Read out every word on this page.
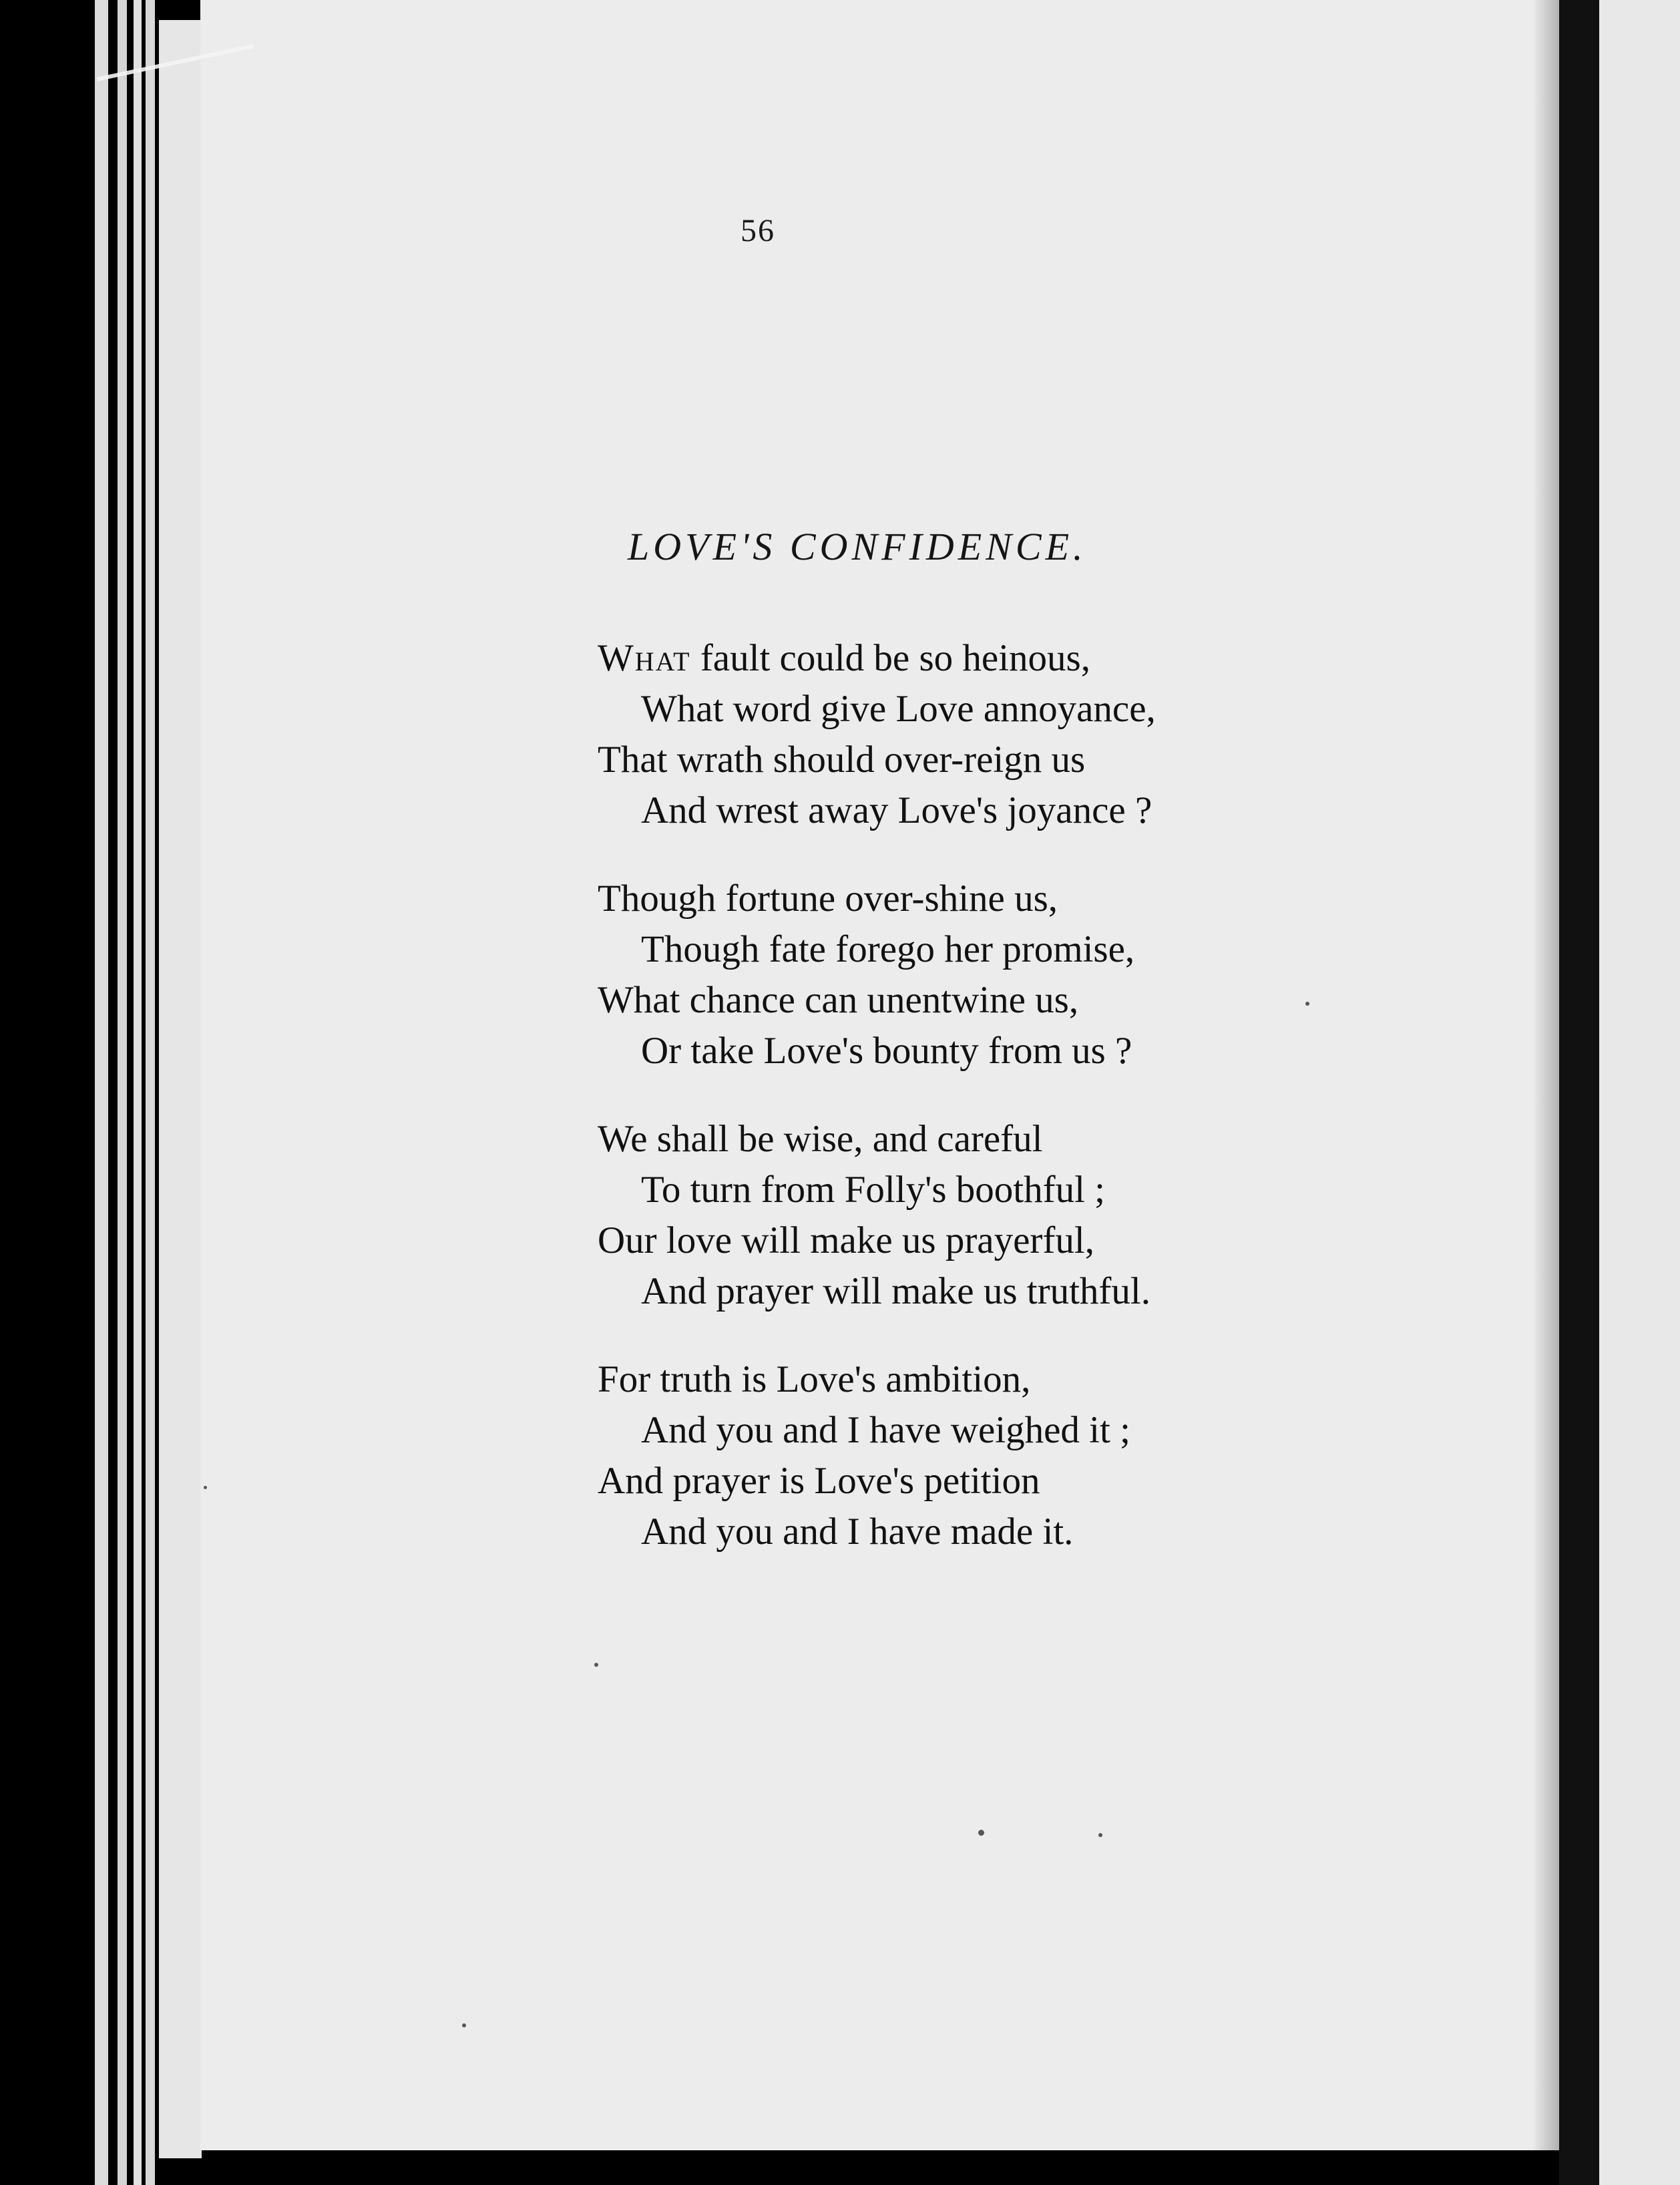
56
LOVE'S CONFIDENCE.
What fault could be so heinous,
What word give Love annoyance,
That wrath should over-reign us
And wrest away Love's joyance ?
Though fortune over-shine us,
Though fate forego her promise,
What chance can unentwine us,
Or take Love's bounty from us ?
We shall be wise, and careful
To turn from Folly's boothful ;
Our love will make us prayerful,
And prayer will make us truthful.
For truth is Love's ambition,
And you and I have weighed it ;
And prayer is Love's petition
And you and I have made it.
